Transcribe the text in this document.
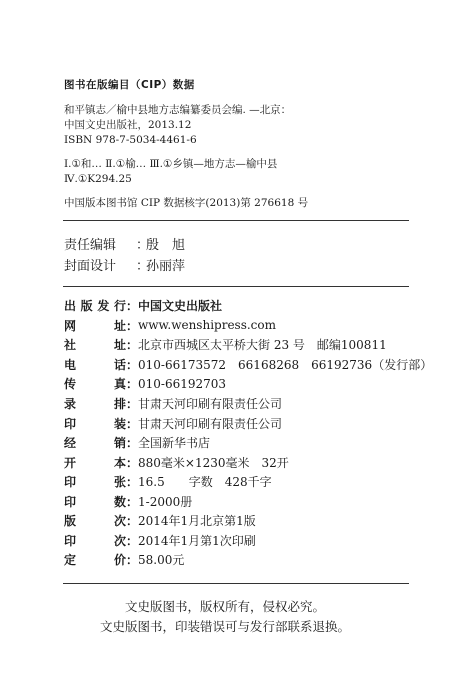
图书在版编目（CIP）数据
和平镇志／榆中县地方志编纂委员会编. —北京：
中国文史出版社，2013.12
ISBN 978-7-5034-4461-6
Ⅰ.①和… Ⅱ.①榆… Ⅲ.①乡镇—地方志—榆中县
Ⅳ.①K294.25
中国版本图书馆 CIP 数据核字(2013)第 276618 号
责任编辑 ：殷　旭
封面设计 ：孙丽萍
出 版 发 行 ： 中国文史出版社
网	址 ： www.wenshipress.com
社	址 ： 北京市西城区太平桥大街 23 号　邮编100811
电	话 ： 010-66173572　66168268　66192736（发行部）
传	真 ： 010-66192703
录	排 ： 甘肃天河印刷有限责任公司
印	装 ： 甘肃天河印刷有限责任公司
经	销 ： 全国新华书店
开	本 ： 880毫米×1230毫米　32开
印	张 ： 16.5　　字数　428千字
印	数 ： 1-2000册
版	次 ： 2014年1月北京第1版
印	次 ： 2014年1月第1次印刷
定	价 ： 58.00元
文史版图书，版权所有，侵权必究。
文史版图书，印装错误可与发行部联系退换。
